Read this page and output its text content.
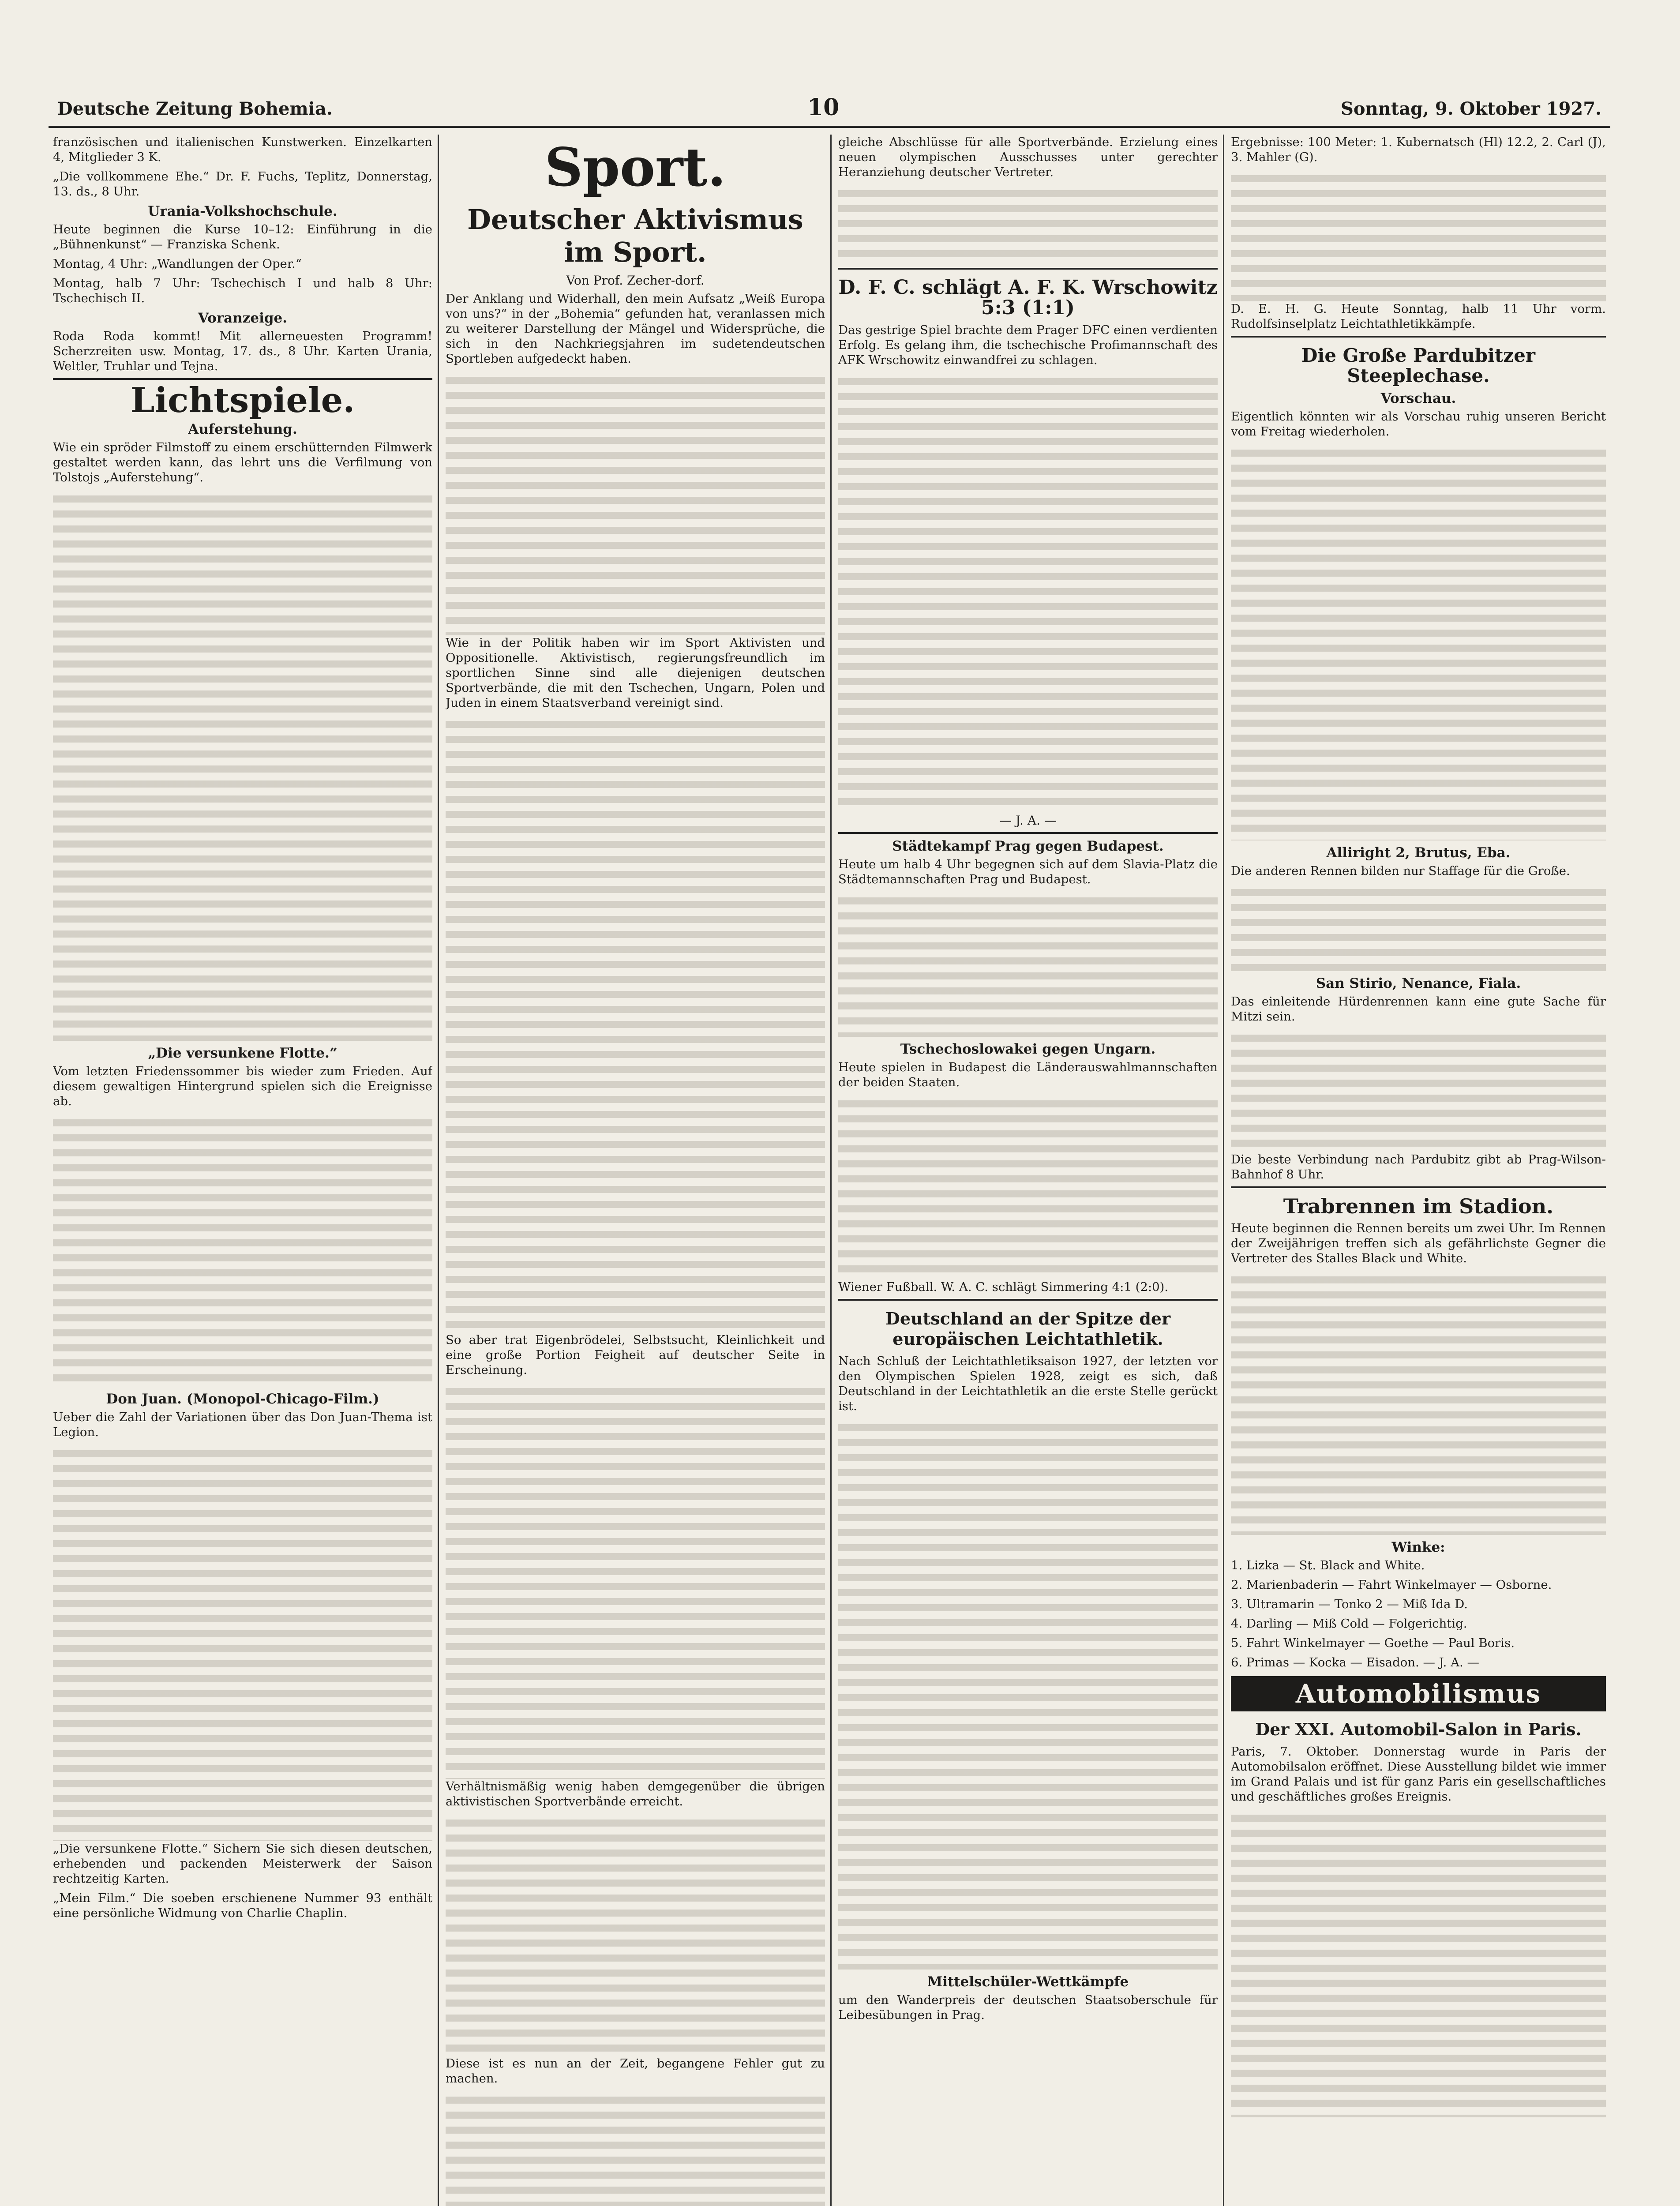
Deutsche Zeitung Bohemia.	10	Sonntag, 9. Oktober 1927.

französischen und italienischen Kunstwerken. Einzelkarten 4, Mitglieder 3 K.

„Die vollkommene Ehe.“ Dr. F. Fuchs, Teplitz, Donnerstag, 13. ds., 8 Uhr.

Urania-Volkshochschule.

Heute beginnen die Kurse 10–12: Einführung in die „Bühnenkunst“ — Franziska Schenk.

Montag, 4 Uhr: „Wandlungen der Oper.“

Montag, halb 7 Uhr: Tschechisch I und halb 8 Uhr: Tschechisch II.

Voranzeige.

Roda Roda kommt! Mit allerneuesten Programm! Scherzreiten usw. Montag, 17. ds., 8 Uhr. Karten Urania, Weltler, Truhlar und Tejna.

Lichtspiele.
Auferstehung.

Wie ein spröder Filmstoff zu einem erschütternden Filmwerk gestaltet werden kann, das lehrt uns die Verfilmung von Tolstojs „Auferstehung“.

„Die versunkene Flotte.“

Vom letzten Friedenssommer bis wieder zum Frieden. Auf diesem gewaltigen Hintergrund spielen sich die Ereignisse ab.

Don Juan. (Monopol-Chicago-Film.)

Ueber die Zahl der Variationen über das Don Juan-Thema ist Legion.

„Die versunkene Flotte.“ Sichern Sie sich diesen deutschen, erhebenden und packenden Meisterwerk der Saison rechtzeitig Karten.

„Mein Film.“ Die soeben erschienene Nummer 93 enthält eine persönliche Widmung von Charlie Chaplin.

Sport.
Deutscher Aktivismus im Sport.
Von Prof. Zecher-dorf.

Der Anklang und Widerhall, den mein Aufsatz „Weiß Europa von uns?“ in der „Bohemia“ gefunden hat, veranlassen mich zu weiterer Darstellung der Mängel und Widersprüche, die sich in den Nachkriegsjahren im sudetendeutschen Sportleben aufgedeckt haben.

Wie in der Politik haben wir im Sport Aktivisten und Oppositionelle. Aktivistisch, regierungsfreundlich im sportlichen Sinne sind alle diejenigen deutschen Sportverbände, die mit den Tschechen, Ungarn, Polen und Juden in einem Staatsverband vereinigt sind.

So aber trat Eigenbrödelei, Selbstsucht, Kleinlichkeit und eine große Portion Feigheit auf deutscher Seite in Erscheinung.

Verhältnismäßig wenig haben demgegenüber die übrigen aktivistischen Sportverbände erreicht.

Diese ist es nun an der Zeit, begangene Fehler gut zu machen.

gleiche Abschlüsse für alle Sportverbände. Erzielung eines neuen olympischen Ausschusses unter gerechter Heranziehung deutscher Vertreter.

D. F. C. schlägt A. F. K. Wrschowitz 5:3 (1:1)

Das gestrige Spiel brachte dem Prager DFC einen verdienten Erfolg. Es gelang ihm, die tschechische Profimannschaft des AFK Wrschowitz einwandfrei zu schlagen.

— J. A. —
Städtekampf Prag gegen Budapest.

Heute um halb 4 Uhr begegnen sich auf dem Slavia-Platz die Städtemannschaften Prag und Budapest.

Tschechoslowakei gegen Ungarn.

Heute spielen in Budapest die Länderauswahlmannschaften der beiden Staaten.

Wiener Fußball. W. A. C. schlägt Simmering 4:1 (2:0).

Deutschland an der Spitze der europäischen Leichtathletik.

Nach Schluß der Leichtathletiksaison 1927, der letzten vor den Olympischen Spielen 1928, zeigt es sich, daß Deutschland in der Leichtathletik an die erste Stelle gerückt ist.

Mittelschüler-Wettkämpfe

um den Wanderpreis der deutschen Staatsoberschule für Leibesübungen in Prag.

Ergebnisse: 100 Meter: 1. Kubernatsch (Hl) 12.2, 2. Carl (J), 3. Mahler (G).

D. E. H. G. Heute Sonntag, halb 11 Uhr vorm. Rudolfsinselplatz Leichtathletikkämpfe.

Die Große Pardubitzer Steeplechase.
Vorschau.

Eigentlich könnten wir als Vorschau ruhig unseren Bericht vom Freitag wiederholen.

Alliright 2, Brutus, Eba.

Die anderen Rennen bilden nur Staffage für die Große.

San Stirio, Nenance, Fiala.

Das einleitende Hürdenrennen kann eine gute Sache für Mitzi sein.

Die beste Verbindung nach Pardubitz gibt ab Prag-Wilson-Bahnhof 8 Uhr.

Trabrennen im Stadion.

Heute beginnen die Rennen bereits um zwei Uhr. Im Rennen der Zweijährigen treffen sich als gefährlichste Gegner die Vertreter des Stalles Black und White.

Winke:

1. Lizka — St. Black and White.

2. Marienbaderin — Fahrt Winkelmayer — Osborne.

3. Ultramarin — Tonko 2 — Miß Ida D.

4. Darling — Miß Cold — Folgerichtig.

5. Fahrt Winkelmayer — Goethe — Paul Boris.

6. Primas — Kocka — Eisadon. — J. A. —

Automobilismus
Der XXI. Automobil-Salon in Paris.

Paris, 7. Oktober. Donnerstag wurde in Paris der Automobilsalon eröffnet. Diese Ausstellung bildet wie immer im Grand Palais und ist für ganz Paris ein gesellschaftliches und geschäftliches großes Ereignis.
